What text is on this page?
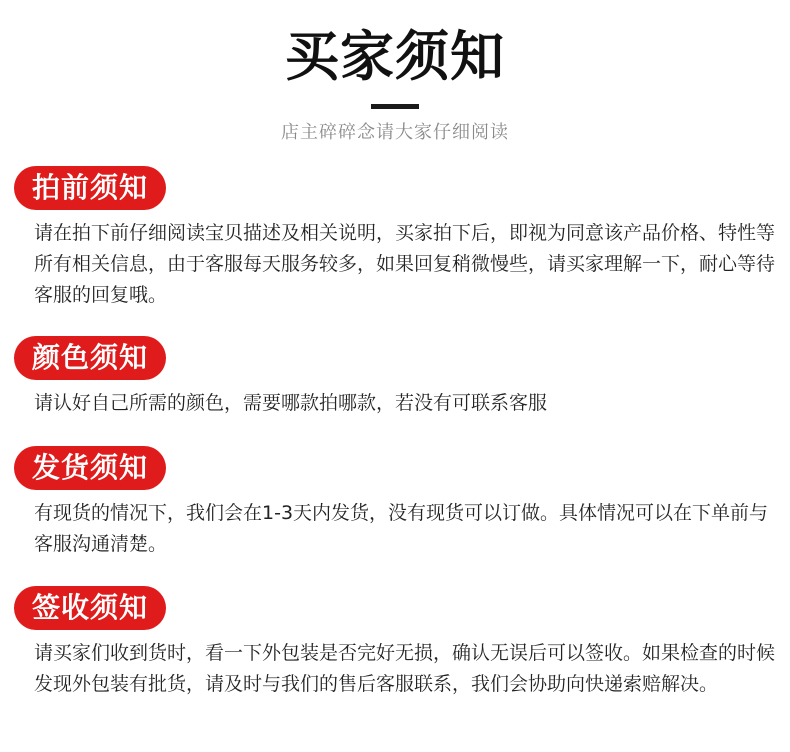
买家须知
店主碎碎念请大家仔细阅读
拍前须知
请在拍下前仔细阅读宝贝描述及相关说明，买家拍下后，即视为同意该产品价格、特性等所有相关信息，由于客服每天服务较多，如果回复稍微慢些，请买家理解一下，耐心等待客服的回复哦。
颜色须知
请认好自己所需的颜色，需要哪款拍哪款，若没有可联系客服
发货须知
有现货的情况下，我们会在1-3天内发货，没有现货可以订做。具体情况可以在下单前与客服沟通清楚。
签收须知
请买家们收到货时，看一下外包装是否完好无损，确认无误后可以签收。如果检查的时候发现外包装有批货，请及时与我们的售后客服联系，我们会协助向快递索赔解决。
